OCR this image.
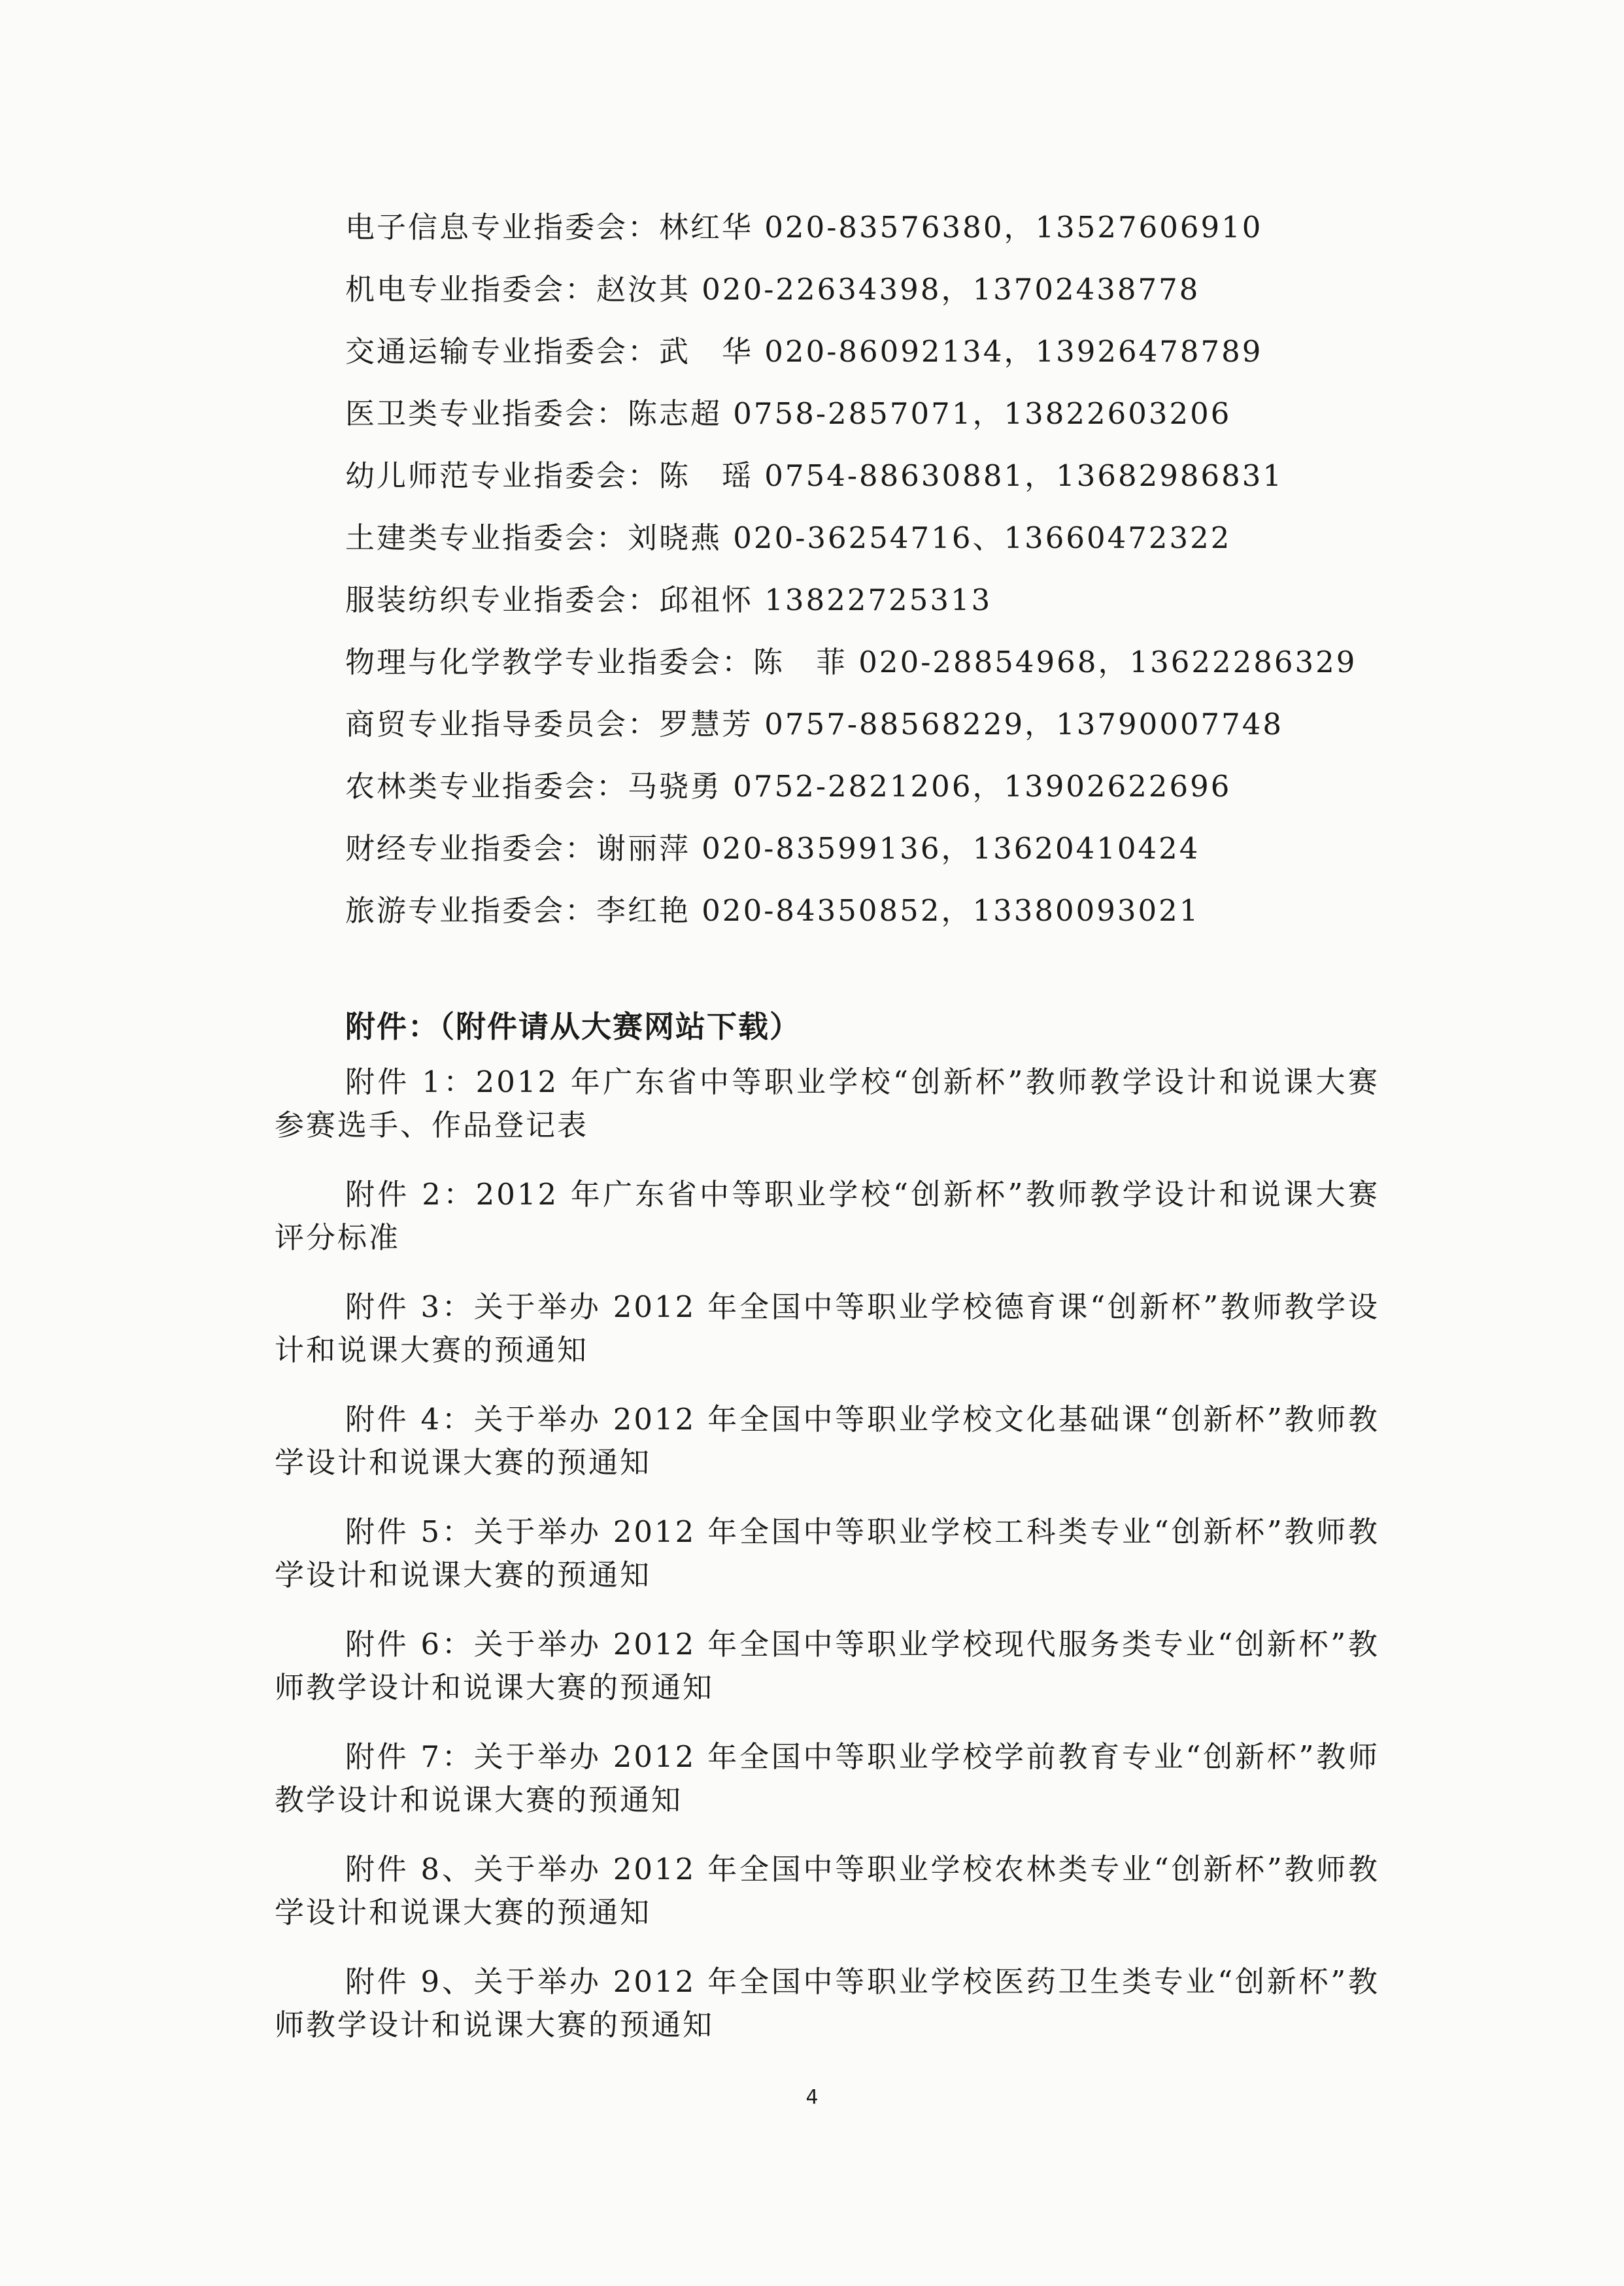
电子信息专业指委会：林红华 020-83576380，13527606910
机电专业指委会：赵汝其 020-22634398，13702438778
交通运输专业指委会：武　华 020-86092134，13926478789
医卫类专业指委会：陈志超 0758-2857071，13822603206
幼儿师范专业指委会：陈　瑶 0754-88630881，13682986831
土建类专业指委会：刘晓燕 020-36254716、13660472322
服装纺织专业指委会：邱祖怀 13822725313
物理与化学教学专业指委会：陈　菲 020-28854968，13622286329
商贸专业指导委员会：罗慧芳 0757-88568229，13790007748
农林类专业指委会：马骁勇 0752-2821206，13902622696
财经专业指委会：谢丽萍 020-83599136，13620410424
旅游专业指委会：李红艳 020-84350852，13380093021
附件：（附件请从大赛网站下载）
附件 1：2012 年广东省中等职业学校“创新杯”教师教学设计和说课大赛参赛选手、作品登记表
附件 2：2012 年广东省中等职业学校“创新杯”教师教学设计和说课大赛评分标准
附件 3：关于举办 2012 年全国中等职业学校德育课“创新杯”教师教学设计和说课大赛的预通知
附件 4：关于举办 2012 年全国中等职业学校文化基础课“创新杯”教师教学设计和说课大赛的预通知
附件 5：关于举办 2012 年全国中等职业学校工科类专业“创新杯”教师教学设计和说课大赛的预通知
附件 6：关于举办 2012 年全国中等职业学校现代服务类专业“创新杯”教师教学设计和说课大赛的预通知
附件 7：关于举办 2012 年全国中等职业学校学前教育专业“创新杯”教师教学设计和说课大赛的预通知
附件 8、关于举办 2012 年全国中等职业学校农林类专业“创新杯”教师教学设计和说课大赛的预通知
附件 9、关于举办 2012 年全国中等职业学校医药卫生类专业“创新杯”教师教学设计和说课大赛的预通知
4
